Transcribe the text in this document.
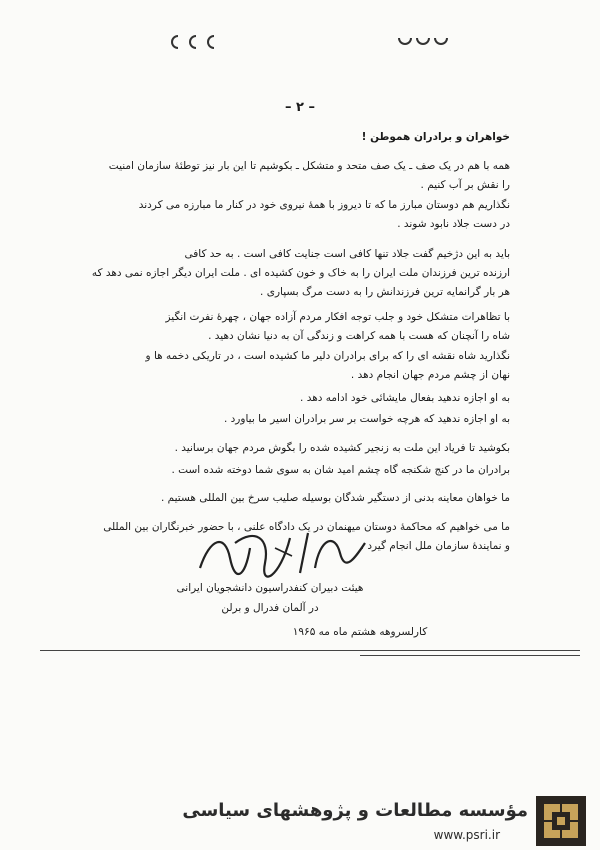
– ۲ –
خواهران و برادران هموطن !
همه با هم در یک صف ـ یک صف متحد و متشکل ـ بکوشیم تا این بار نیز توطئهٔ سازمان امنیت
را نقش بر آب کنیم .
نگذاریم هم دوستان مبارز ما که تا دیروز با همهٔ نیروی خود در کنار ما مبارزه می کردند
در دست جلاد نابود شوند .
باید به این دژخیم گفت جلاد تنها کافی است جنایت کافی است . به حد کافی
ارزنده ترین فرزندان ملت ایران را به خاک و خون کشیده ای . ملت ایران دیگر اجازه نمی دهد که
هر بار گرانمایه ترین فرزندانش را به دست مرگ بسپاری .
با تظاهرات متشکل خود و جلب توجه افکار مردم آزاده جهان ، چهرهٔ نفرت انگیز
شاه را آنچنان که هست با همه کراهت و زندگی آن به دنیا نشان دهید .
نگذارید شاه نقشه ای را که برای برادران دلیر ما کشیده است ، در تاریکی دخمه ها و
نهان از چشم مردم جهان انجام دهد .
به او اجازه ندهید بفعال مایشائی خود ادامه دهد .
به او اجازه ندهید که هرچه خواست بر سر برادران اسیر ما بیاورد .
بکوشید تا فریاد این ملت به زنجیر کشیده شده را بگوش مردم جهان برسانید .
برادران ما در کنج شکنجه گاه چشم امید شان به سوی شما دوخته شده است .
ما خواهان معاینه بدنی از دستگیر شدگان بوسیله صلیب سرخ بین المللی هستیم .
ما می خواهیم که محاکمهٔ دوستان میهنمان در یک دادگاه علنی ، با حضور خبرنگاران بین المللی
و نمایندهٔ سازمان ملل انجام گیرد .
هیئت دبیران کنفدراسیون دانشجویان ایرانی
در آلمان فدرال و برلن
کارلسروهه هشتم ماه مه ۱۹۶۵
مؤسسه مطالعات و پژوهشهای سیاسی
www.psri.ir
